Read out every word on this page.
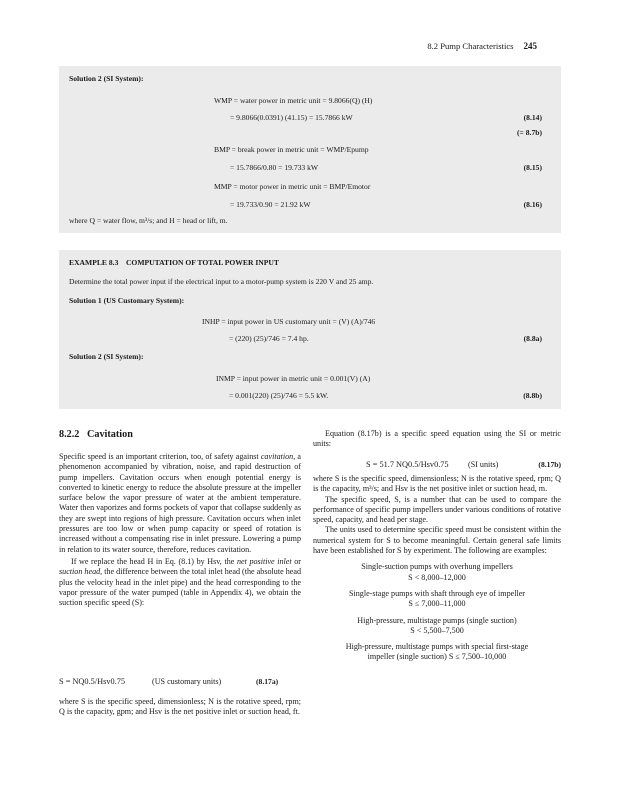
8.2 Pump Characteristics 245
Solution 2 (SI System):
WMP = water power in metric unit = 9.8066(Q) (H)
= 9.8066(0.0391) (41.15) = 15.7866 kW	(8.14)
(= 8.7b)
BMP = break power in metric unit = WMP/Epump
= 15.7866/0.80 = 19.733 kW	(8.15)
MMP = motor power in metric unit = BMP/Emotor
= 19.733/0.90 = 21.92 kW	(8.16)
where Q = water flow, m³/s; and H = head or lift, m.
EXAMPLE 8.3    COMPUTATION OF TOTAL POWER INPUT
Determine the total power input if the electrical input to a motor-pump system is 220 V and 25 amp.
Solution 1 (US Customary System):
INHP = input power in US customary unit = (V) (A)/746
= (220) (25)/746 = 7.4 hp.	(8.8a)
Solution 2 (SI System):
INMP = input power in metric unit = 0.001(V) (A)
= 0.001(220) (25)/746 = 5.5 kW.	(8.8b)
8.2.2 Cavitation

Specific speed is an important criterion, too, of safety against cavitation, a phenomenon accompanied by vibration, noise, and rapid destruction of pump impellers. Cavitation occurs when enough potential energy is converted to kinetic energy to reduce the absolute pressure at the impeller surface below the vapor pressure of water at the ambient temperature. Water then vaporizes and forms pockets of vapor that collapse suddenly as they are swept into regions of high pressure. Cavitation occurs when inlet pressures are too low or when pump capacity or speed of rotation is increased without a compensating rise in inlet pressure. Lowering a pump in relation to its water source, therefore, reduces cavitation.

If we replace the head H in Eq. (8.1) by Hsv, the net positive inlet or suction head, the difference between the total inlet head (the absolute head plus the velocity head in the inlet pipe) and the head corresponding to the vapor pressure of the water pumped (table in Appendix 4), we obtain the suction specific speed (S):

S = NQ0.5/Hsv0.75	(US customary units)	(8.17a)

where S is the specific speed, dimensionless; N is the rotative speed, rpm; Q is the capacity, gpm; and Hsv is the net positive inlet or suction head, ft.

Equation (8.17b) is a specific speed equation using the SI or metric units:

S = 51.7 NQ0.5/Hsv0.75 (SI units)	(8.17b)

where S is the specific speed, dimensionless; N is the rotative speed, rpm; Q is the capacity, m³/s; and Hsv is the net positive inlet or suction head, m.

The specific speed, S, is a number that can be used to compare the performance of specific pump impellers under various conditions of rotative speed, capacity, and head per stage.

The units used to determine specific speed must be consistent within the numerical system for S to become meaningful. Certain general safe limits have been established for S by experiment. The following are examples:

Single-suction pumps with overhung impellers
S < 8,000–12,000
Single-stage pumps with shaft through eye of impeller
S ≤ 7,000–11,000
High-pressure, multistage pumps (single suction)
S < 5,500–7,500
High-pressure, multistage pumps with special first-stage
impeller (single suction) S ≤ 7,500–10,000
